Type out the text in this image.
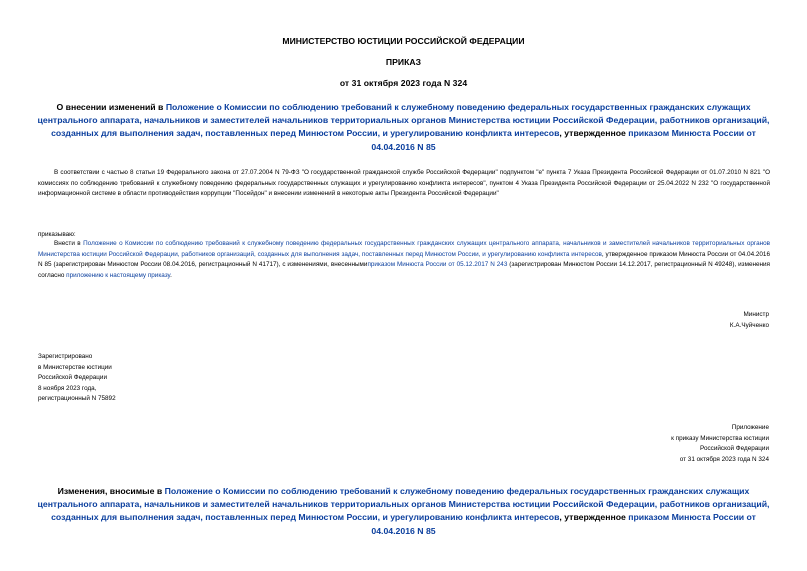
МИНИСТЕРСТВО ЮСТИЦИИ РОССИЙСКОЙ ФЕДЕРАЦИИ
ПРИКАЗ
от 31 октября 2023 года N 324
О внесении изменений в Положение о Комиссии по соблюдению требований к служебному поведению федеральных государственных гражданских служащих центрального аппарата, начальников и заместителей начальников территориальных органов Министерства юстиции Российской Федерации, работников организаций, созданных для выполнения задач, поставленных перед Минюстом России, и урегулированию конфликта интересов, утвержденное приказом Минюста России от 04.04.2016 N 85
В соответствии с частью 8 статьи 19 Федерального закона от 27.07.2004 N 79-ФЗ "О государственной гражданской службе Российской Федерации" подпунктом "е" пункта 7 Указа Президента Российской Федерации от 01.07.2010 N 821 "О комиссиях по соблюдению требований к служебному поведению федеральных государственных служащих и урегулированию конфликта интересов", пунктом 4 Указа Президента Российской Федерации от 25.04.2022 N 232 "О государственной информационной системе в области противодействия коррупции "Посейдон" и внесении изменений в некоторые акты Президента Российской Федерации"
приказываю:
Внести в Положение о Комиссии по соблюдению требований к служебному поведению федеральных государственных гражданских служащих центрального аппарата, начальников и заместителей начальников территориальных органов Министерства юстиции Российской Федерации, работников организаций, созданных для выполнения задач, поставленных перед Минюстом России, и урегулированию конфликта интересов, утвержденное приказом Минюста России от 04.04.2016 N 85 (зарегистрирован Минюстом России 08.04.2016, регистрационный N 41717), с изменениями, внесеннымиприказом Минюста России от 05.12.2017 N 243 (зарегистрирован Минюстом России 14.12.2017, регистрационный N 49248), изменения согласно приложению к настоящему приказу.
Министр
К.А.Чуйченко
Зарегистрировано
в Министерстве юстиции
Российской Федерации
8 ноября 2023 года,
регистрационный N 75892
Приложение
к приказу Министерства юстиции
Российской Федерации
от 31 октября 2023 года N 324
Изменения, вносимые в Положение о Комиссии по соблюдению требований к служебному поведению федеральных государственных гражданских служащих центрального аппарата, начальников и заместителей начальников территориальных органов Министерства юстиции Российской Федерации, работников организаций, созданных для выполнения задач, поставленных перед Минюстом России, и урегулированию конфликта интересов, утвержденное приказом Минюста России от 04.04.2016 N 85
